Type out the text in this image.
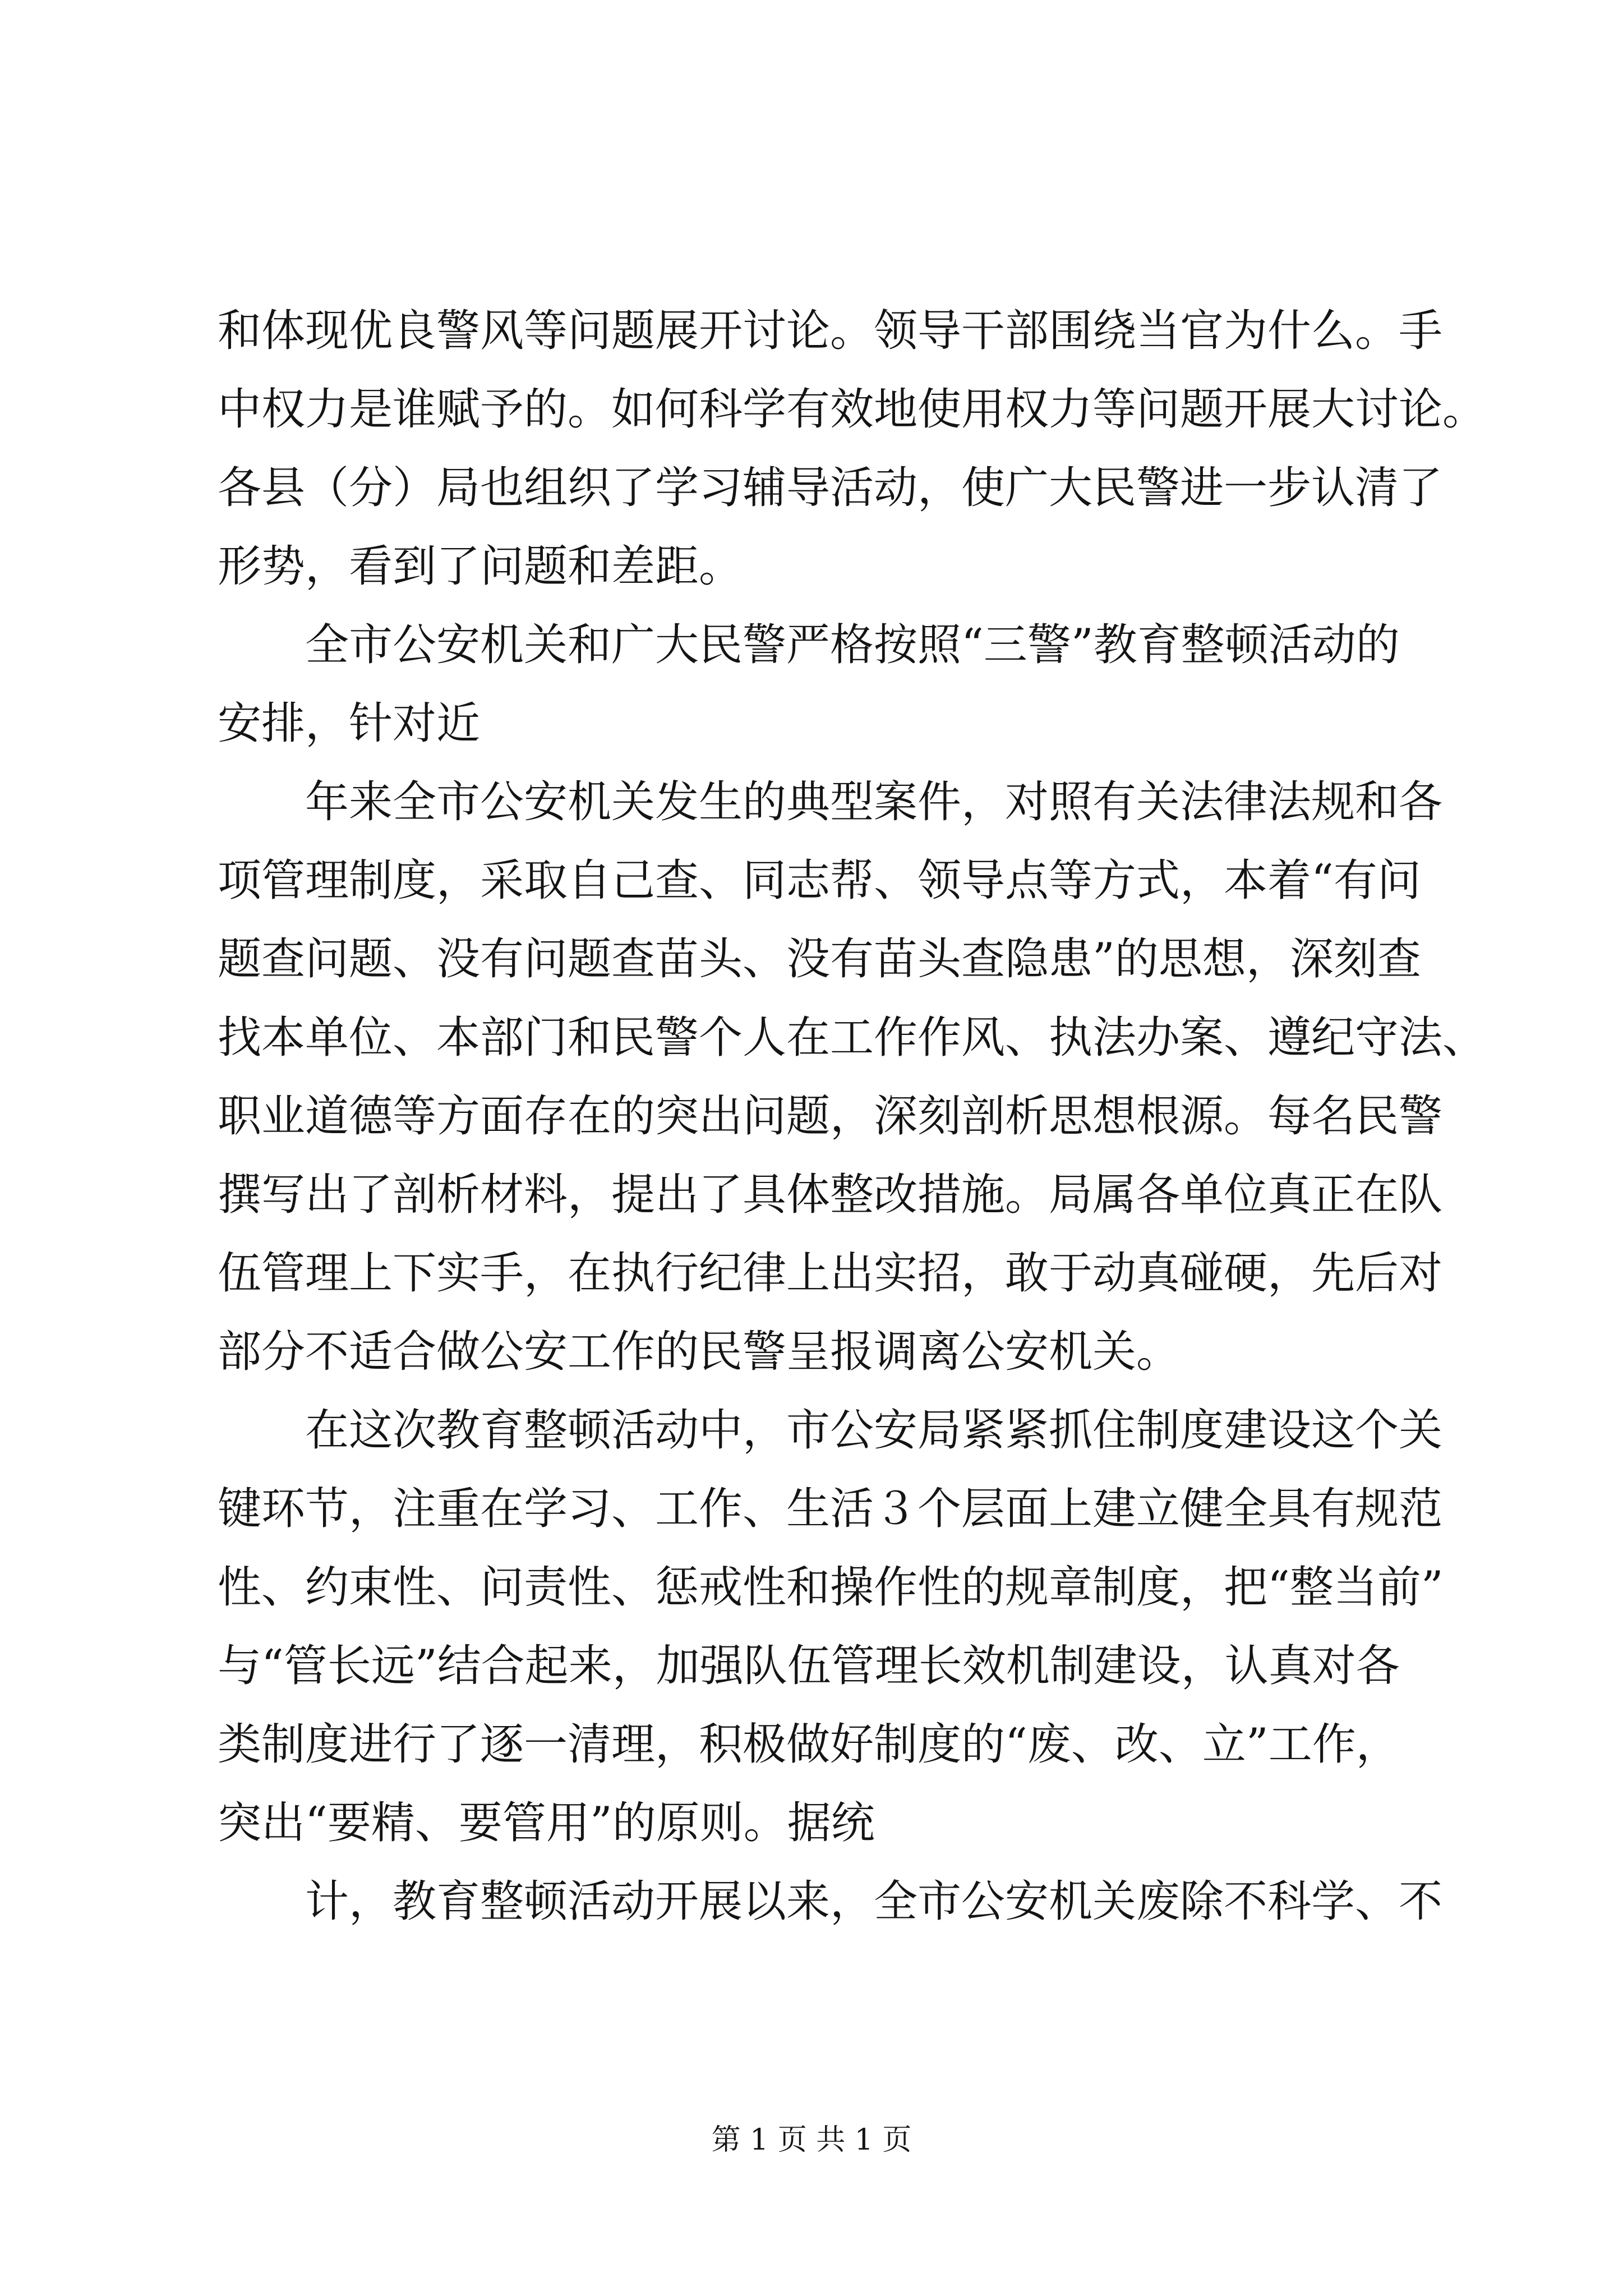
和体现优良警风等问题展开讨论。领导干部围绕当官为什么。手
中权力是谁赋予的。如何科学有效地使用权力等问题开展大讨论。
各县（分）局也组织了学习辅导活动，使广大民警进一步认清了
形势，看到了问题和差距。
全市公安机关和广大民警严格按照“三警”教育整顿活动的
安排，针对近
年来全市公安机关发生的典型案件，对照有关法律法规和各
项管理制度，采取自己查、同志帮、领导点等方式，本着“有问
题查问题、没有问题查苗头、没有苗头查隐患”的思想，深刻查
找本单位、本部门和民警个人在工作作风、执法办案、遵纪守法、
职业道德等方面存在的突出问题，深刻剖析思想根源。每名民警
撰写出了剖析材料，提出了具体整改措施。局属各单位真正在队
伍管理上下实手，在执行纪律上出实招，敢于动真碰硬，先后对
部分不适合做公安工作的民警呈报调离公安机关。
在这次教育整顿活动中，市公安局紧紧抓住制度建设这个关
键环节，注重在学习、工作、生活３个层面上建立健全具有规范
性、约束性、问责性、惩戒性和操作性的规章制度，把“整当前”
与“管长远”结合起来，加强队伍管理长效机制建设，认真对各
类制度进行了逐一清理，积极做好制度的“废、改、立”工作，
突出“要精、要管用”的原则。据统
计，教育整顿活动开展以来，全市公安机关废除不科学、不
第 1 页 共 1 页
